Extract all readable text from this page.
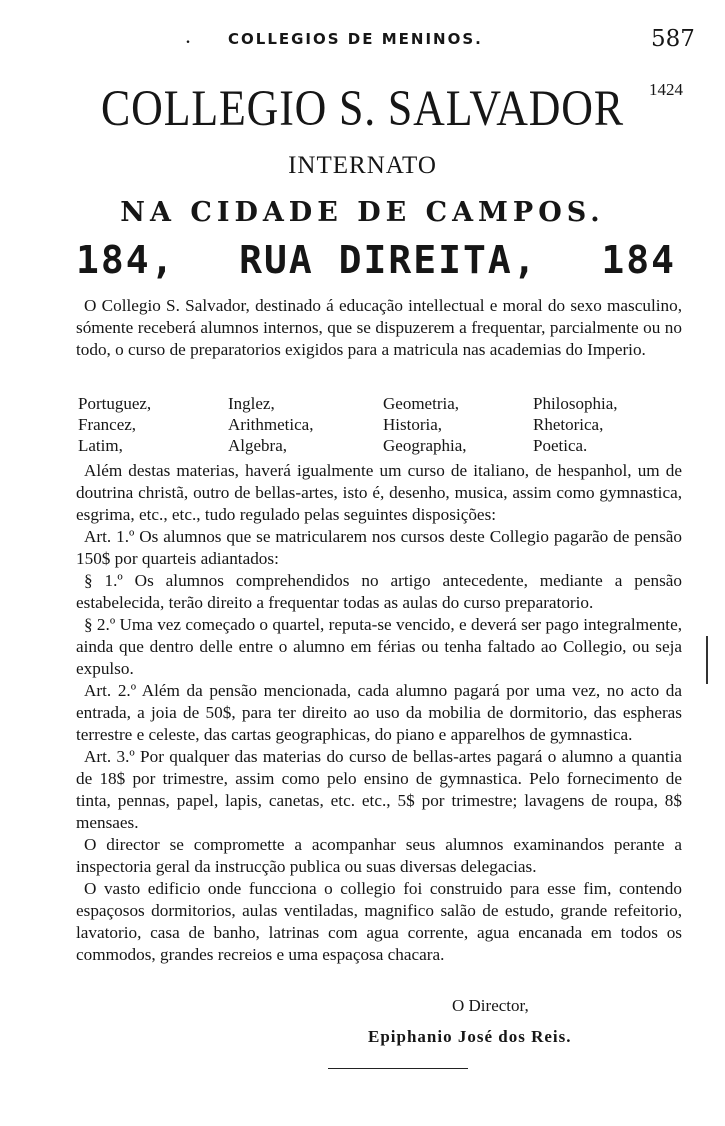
.	COLLEGIOS DE MENINOS.	587
1424
COLLEGIO S. SALVADOR
INTERNATO
NA CIDADE DE CAMPOS.
184, RUA DIREITA, 184

O Collegio S. Salvador, destinado á educação intellectual e moral do sexo masculino, sómente receberá alumnos internos, que se dispuzerem a frequentar, parcialmente ou no todo, o curso de preparatorios exigidos para a matricula nas academias do Imperio.

Portuguez,	Inglez,	Geometria,	Philosophia,
Francez,	Arithmetica,	Historia,	Rhetorica,
Latim,	Algebra,	Geographia,	Poetica.

Além destas materias, haverá igualmente um curso de italiano, de hespanhol, um de doutrina christã, outro de bellas-artes, isto é, desenho, musica, assim como gymnastica, esgrima, etc., etc., tudo regulado pelas seguintes disposições:

Art. 1.º Os alumnos que se matricularem nos cursos deste Collegio pagarão de pensão 150$ por quarteis adiantados:

§ 1.º Os alumnos comprehendidos no artigo antecedente, mediante a pensão estabelecida, terão direito a frequentar todas as aulas do curso preparatorio.

§ 2.º Uma vez começado o quartel, reputa-se vencido, e deverá ser pago integralmente, ainda que dentro delle entre o alumno em férias ou tenha faltado ao Collegio, ou seja expulso.

Art. 2.º Além da pensão mencionada, cada alumno pagará por uma vez, no acto da entrada, a joia de 50$, para ter direito ao uso da mobilia de dormitorio, das espheras terrestre e celeste, das cartas geographicas, do piano e apparelhos de gymnastica.

Art. 3.º Por qualquer das materias do curso de bellas-artes pagará o alumno a quantia de 18$ por trimestre, assim como pelo ensino de gymnastica. Pelo fornecimento de tinta, pennas, papel, lapis, canetas, etc. etc., 5$ por trimestre; lavagens de roupa, 8$ mensaes.

O director se compromette a acompanhar seus alumnos examinandos perante a inspectoria geral da instrucção publica ou suas diversas delegacias.

O vasto edificio onde funcciona o collegio foi construido para esse fim, contendo espaçosos dormitorios, aulas ventiladas, magnifico salão de estudo, grande refeitorio, lavatorio, casa de banho, latrinas com agua corrente, agua encanada em todos os commodos, grandes recreios e uma espaçosa chacara.

O Director,
Epiphanio José dos Reis.
